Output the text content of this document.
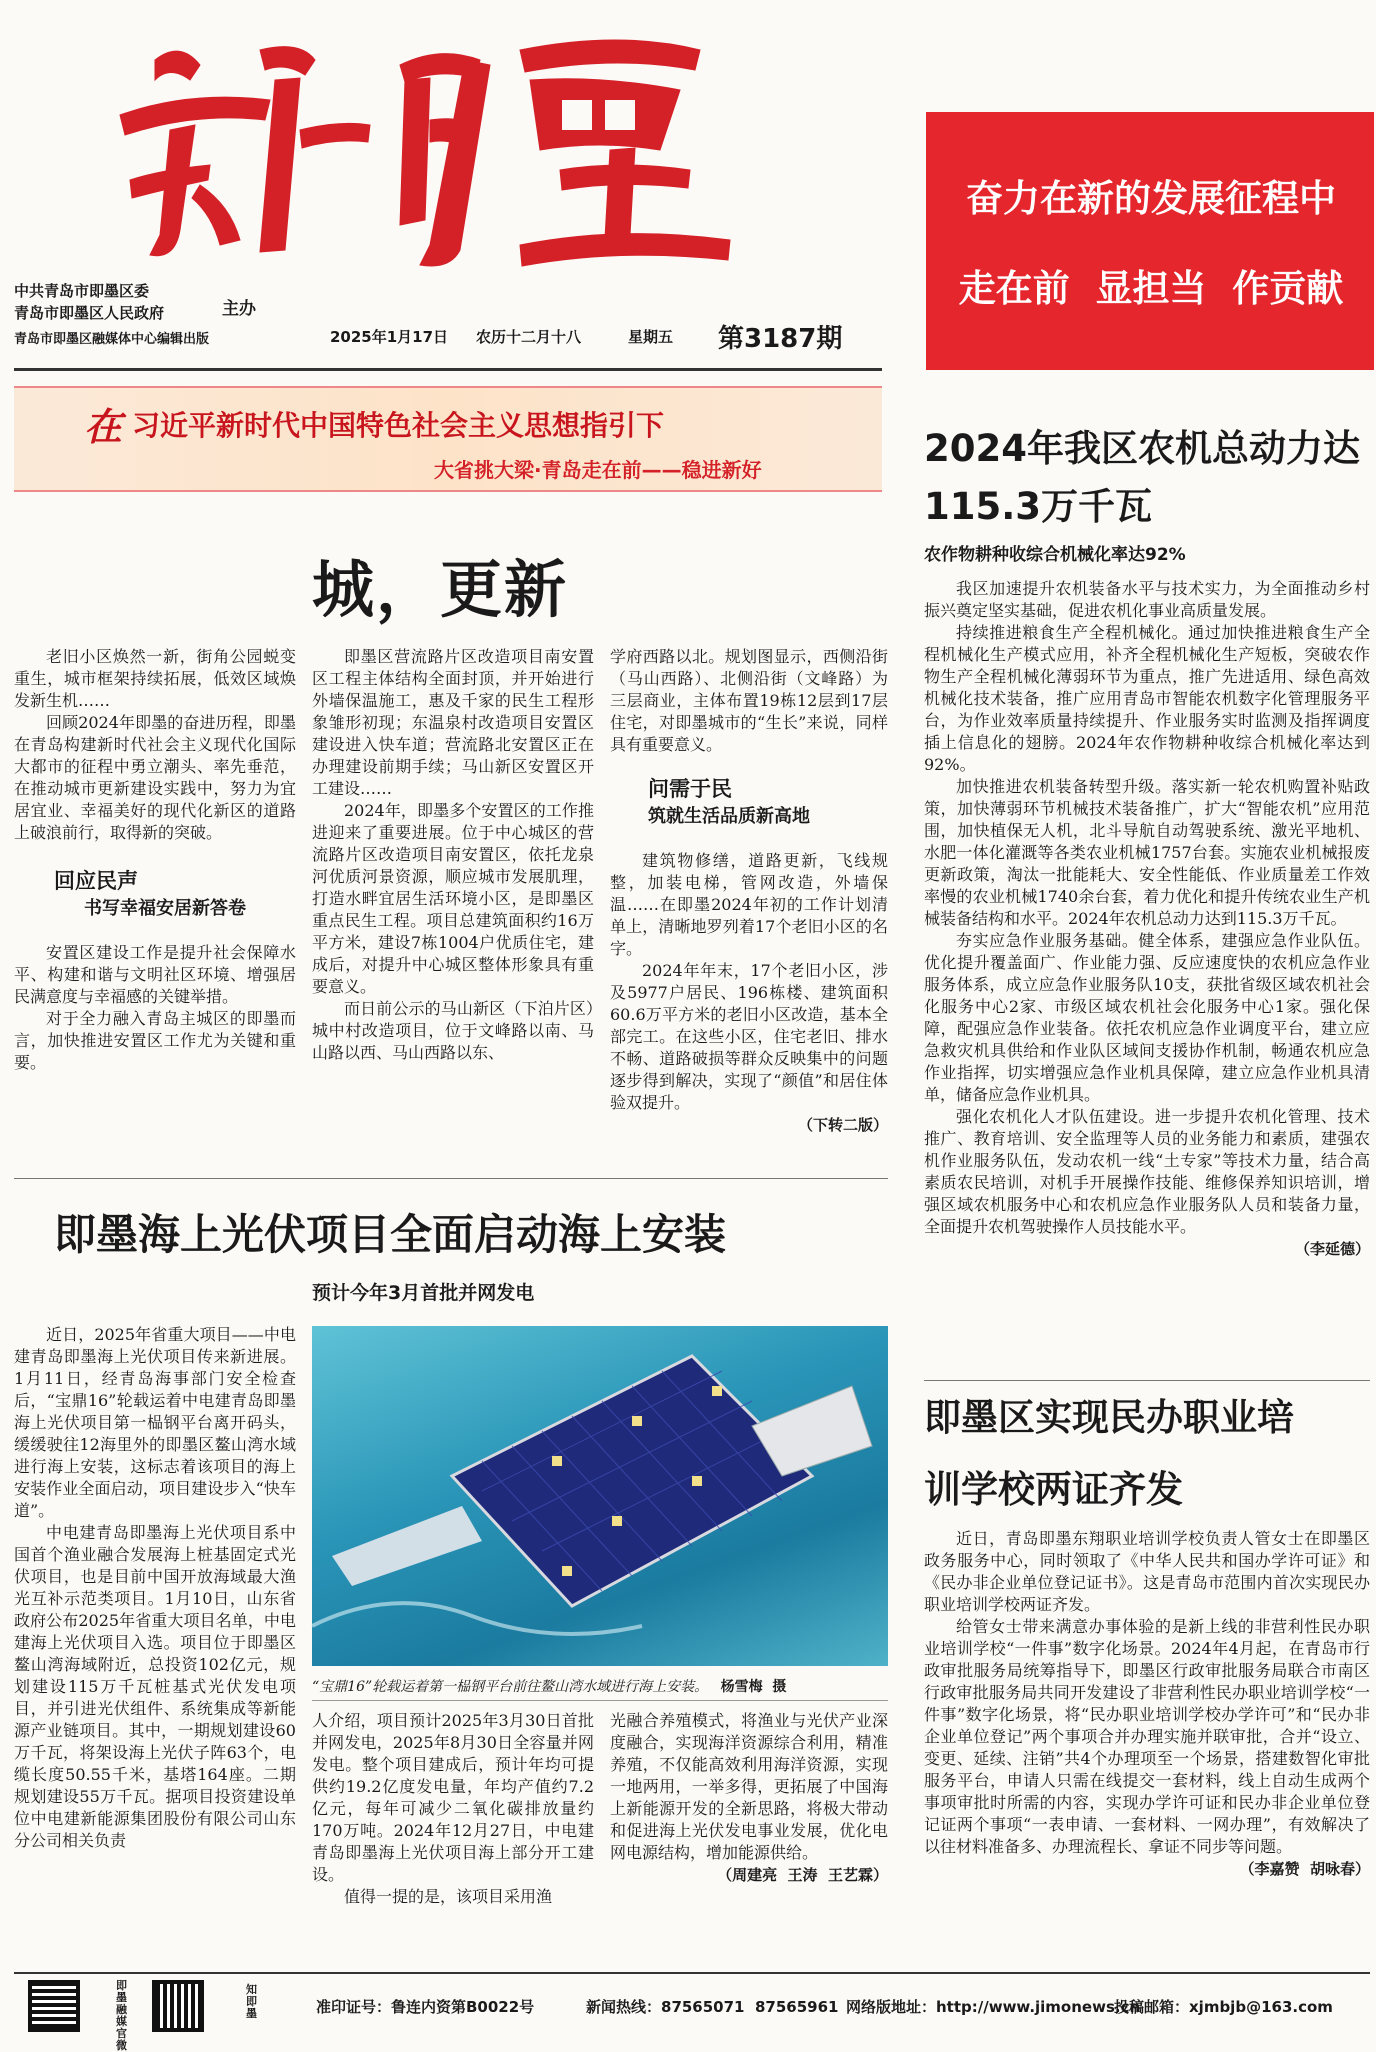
中共青岛市即墨区委
青岛市即墨区人民政府	主办
青岛市即墨区融媒体中心编辑出版	2025年1月17日 农历十二月十八	星期五 第3187期
奋力在新的发展征程中
走在前  显担当  作贡献
在 习近平新时代中国特色社会主义思想指引下
大省挑大梁·青岛走在前——稳进新好
城，更新

老旧小区焕然一新，街角公园蜕变重生，城市框架持续拓展，低效区域焕发新生机……

回顾2024年即墨的奋进历程，即墨在青岛构建新时代社会主义现代化国际大都市的征程中勇立潮头、率先垂范，在推动城市更新建设实践中，努力为宜居宜业、幸福美好的现代化新区的道路上破浪前行，取得新的突破。

回应民声
书写幸福安居新答卷

安置区建设工作是提升社会保障水平、构建和谐与文明社区环境、增强居民满意度与幸福感的关键举措。

对于全力融入青岛主城区的即墨而言，加快推进安置区工作尤为关键和重要。

即墨区营流路片区改造项目南安置区工程主体结构全面封顶，并开始进行外墙保温施工，惠及千家的民生工程形象雏形初现；东温泉村改造项目安置区建设进入快车道；营流路北安置区正在办理建设前期手续；马山新区安置区开工建设……

2024年，即墨多个安置区的工作推进迎来了重要进展。位于中心城区的营流路片区改造项目南安置区，依托龙泉河优质河景资源，顺应城市发展肌理，打造水畔宜居生活环境小区，是即墨区重点民生工程。项目总建筑面积约16万平方米，建设7栋1004户优质住宅，建成后，对提升中心城区整体形象具有重要意义。

而日前公示的马山新区（下泊片区）城中村改造项目，位于文峰路以南、马山路以西、马山西路以东、

学府西路以北。规划图显示，西侧沿街（马山西路）、北侧沿街（文峰路）为三层商业，主体布置19栋12层到17层住宅，对即墨城市的“生长”来说，同样具有重要意义。

问需于民
筑就生活品质新高地

建筑物修缮，道路更新，飞线规整，加装电梯，管网改造，外墙保温……在即墨2024年初的工作计划清单上，清晰地罗列着17个老旧小区的名字。

2024年年末，17个老旧小区，涉及5977户居民、196栋楼、建筑面积60.6万平方米的老旧小区改造，基本全部完工。在这些小区，住宅老旧、排水不畅、道路破损等群众反映集中的问题逐步得到解决，实现了“颜值”和居住体验双提升。

（下转二版）
即墨海上光伏项目全面启动海上安装
预计今年3月首批并网发电

近日，2025年省重大项目——中电建青岛即墨海上光伏项目传来新进展。1月11日，经青岛海事部门安全检查后，“宝鼎16”轮载运着中电建青岛即墨海上光伏项目第一榀钢平台离开码头，缓缓驶往12海里外的即墨区鳌山湾水域进行海上安装，这标志着该项目的海上安装作业全面启动，项目建设步入“快车道”。

中电建青岛即墨海上光伏项目系中国首个渔业融合发展海上桩基固定式光伏项目，也是目前中国开放海域最大渔光互补示范类项目。1月10日，山东省政府公布2025年省重大项目名单，中电建海上光伏项目入选。项目位于即墨区鳌山湾海域附近，总投资102亿元，规划建设115万千瓦桩基式光伏发电项目，并引进光伏组件、系统集成等新能源产业链项目。其中，一期规划建设60万千瓦，将架设海上光伏子阵63个，电缆长度50.55千米，基塔164座。二期规划建设55万千瓦。据项目投资建设单位中电建新能源集团股份有限公司山东分公司相关负责

“宝鼎16”轮载运着第一榀钢平台前往鳌山湾水域进行海上安装。 杨雪梅  摄

人介绍，项目预计2025年3月30日首批并网发电，2025年8月30日全容量并网发电。整个项目建成后，预计年均可提供约19.2亿度发电量，年均产值约7.2亿元，每年可减少二氧化碳排放量约170万吨。2024年12月27日，中电建青岛即墨海上光伏项目海上部分开工建设。

值得一提的是，该项目采用渔

光融合养殖模式，将渔业与光伏产业深度融合，实现海洋资源综合利用，精准养殖，不仅能高效利用海洋资源，实现一地两用，一举多得，更拓展了中国海上新能源开发的全新思路，将极大带动和促进海上光伏发电事业发展，优化电网电源结构，增加能源供给。

（周建亮  王涛  王艺霖）
2024年我区农机总动力达115.3万千瓦
农作物耕种收综合机械化率达92%

我区加速提升农机装备水平与技术实力，为全面推动乡村振兴奠定坚实基础，促进农机化事业高质量发展。

持续推进粮食生产全程机械化。通过加快推进粮食生产全程机械化生产模式应用，补齐全程机械化生产短板，突破农作物生产全程机械化薄弱环节为重点，推广先进适用、绿色高效机械化技术装备，推广应用青岛市智能农机数字化管理服务平台，为作业效率质量持续提升、作业服务实时监测及指挥调度插上信息化的翅膀。2024年农作物耕种收综合机械化率达到92%。

加快推进农机装备转型升级。落实新一轮农机购置补贴政策，加快薄弱环节机械技术装备推广，扩大“智能农机”应用范围，加快植保无人机，北斗导航自动驾驶系统、激光平地机、水肥一体化灌溉等各类农业机械1757台套。实施农业机械报废更新政策，淘汰一批能耗大、安全性能低、作业质量差工作效率慢的农业机械1740余台套，着力优化和提升传统农业生产机械装备结构和水平。2024年农机总动力达到115.3万千瓦。

夯实应急作业服务基础。健全体系，建强应急作业队伍。优化提升覆盖面广、作业能力强、反应速度快的农机应急作业服务体系，成立应急作业服务队10支，获批省级区域农机社会化服务中心2家、市级区域农机社会化服务中心1家。强化保障，配强应急作业装备。依托农机应急作业调度平台，建立应急救灾机具供给和作业队区域间支援协作机制，畅通农机应急作业指挥，切实增强应急作业机具保障，建立应急作业机具清单，储备应急作业机具。

强化农机化人才队伍建设。进一步提升农机化管理、技术推广、教育培训、安全监理等人员的业务能力和素质，建强农机作业服务队伍，发动农机一线“土专家”等技术力量，结合高素质农民培训，对机手开展操作技能、维修保养知识培训，增强区域农机服务中心和农机应急作业服务队人员和装备力量，全面提升农机驾驶操作人员技能水平。

（李延德）
即墨区实现民办职业培训学校两证齐发

近日，青岛即墨东翔职业培训学校负责人管女士在即墨区政务服务中心，同时领取了《中华人民共和国办学许可证》和《民办非企业单位登记证书》。这是青岛市范围内首次实现民办职业培训学校两证齐发。

给管女士带来满意办事体验的是新上线的非营利性民办职业培训学校“一件事”数字化场景。2024年4月起，在青岛市行政审批服务局统筹指导下，即墨区行政审批服务局联合市南区行政审批服务局共同开发建设了非营利性民办职业培训学校“一件事”数字化场景，将“民办职业培训学校办学许可”和“民办非企业单位登记”两个事项合并办理实施并联审批，合并“设立、变更、延续、注销”共4个办理项至一个场景，搭建数智化审批服务平台，申请人只需在线提交一套材料，线上自动生成两个事项审批时所需的内容，实现办学许可证和民办非企业单位登记证两个事项“一表申请、一套材料、一网办理”，有效解决了以往材料准备多、办理流程长、拿证不同步等问题。

（李嘉赞  胡咏春）
即墨融媒官微
知即墨	准印证号：鲁连内资第B0022号	新闻热线：87565071  87565961 网络版地址：http://www.jimonews.cn
投稿邮箱：xjmbjb@163.com
